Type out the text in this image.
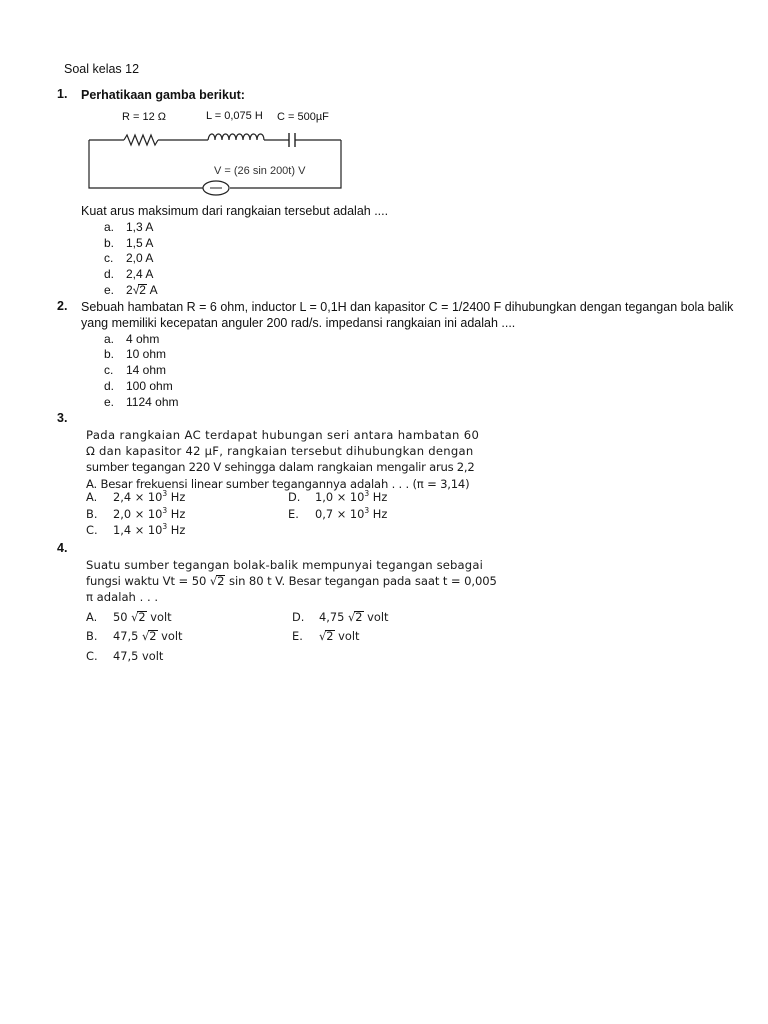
Soal kelas 12
1. Perhatikaan gamba berikut:
R = 12 Ω	L = 0,075 H C = 500µF
V = (26 sin 200t) V
Kuat arus maksimum dari rangkaian tersebut adalah ....
a. 1,3 A
b. 1,5 A
c. 2,0 A
d. 2,4 A
e. 2√2 A
2. Sebuah hambatan R = 6 ohm, inductor L = 0,1H dan kapasitor C = 1/2400 F dihubungkan dengan tegangan bola balik
yang memiliki kecepatan anguler 200 rad/s. impedansi rangkaian ini adalah ....
a. 4 ohm
b. 10 ohm
c. 14 ohm
d. 100 ohm
e. 1124 ohm
3.
Pada rangkaian AC terdapat hubungan seri antara hambatan 60
Ω dan kapasitor 42 µF, rangkaian tersebut dihubungkan dengan
sumber tegangan 220 V sehingga dalam rangkaian mengalir arus 2,2
A. Besar frekuensi linear sumber tegangannya adalah . . . (π = 3,14)
A. $2,4 \times 10^3$ Hz	D. $1,0 \times 10^3$ Hz
B. $2,0 \times 10^3$ Hz	E. $0,7 \times 10^3$ Hz
C. $1,4 \times 10^3$ Hz
4.
Suatu sumber tegangan bolak-balik mempunyai tegangan sebagai
fungsi waktu Vt = 50 √2 sin 80 t V. Besar tegangan pada saat t = 0,005
π adalah . . .
A. 50 √2 volt	D. 4,75 √2 volt
B. 47,5 √2 volt	E. √2 volt
C. 47,5 volt
